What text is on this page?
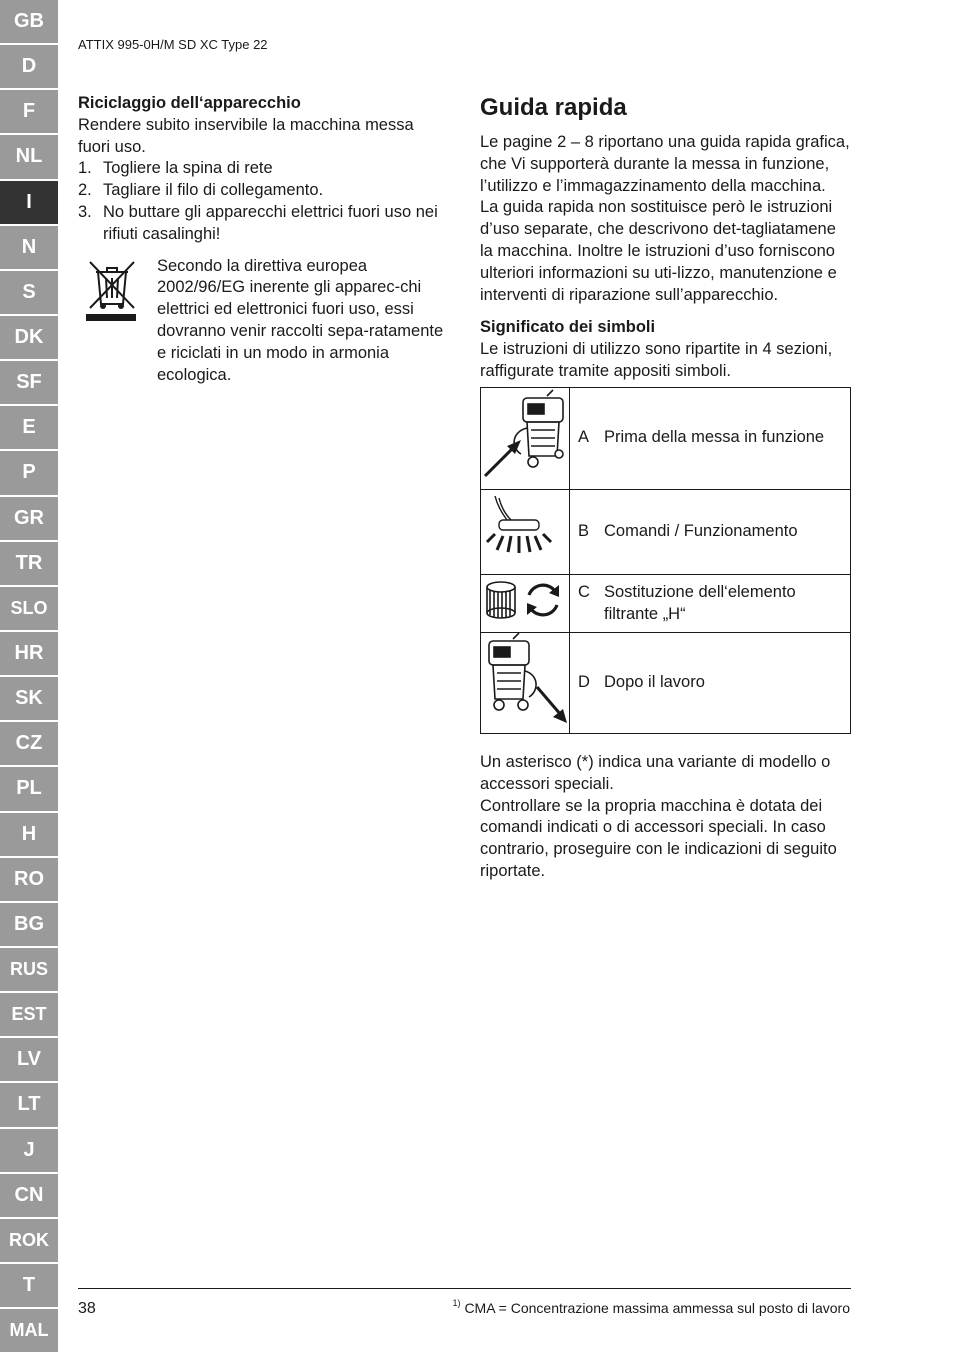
GB
D
F
NL
I
N
S
DK
SF
E
P
GR
TR
SLO
HR
SK
CZ
PL
H
RO
BG
RUS
EST
LV
LT
J
CN
ROK
T
MAL
ATTIX 995-0H/M SD XC Type 22

Riciclaggio dell‘apparecchio

Rendere subito inservibile la macchina messa fuori uso.

1. Togliere la spina di rete
2. Tagliare il filo di collegamento.
3. No buttare gli apparecchi elettrici fuori uso nei rifiuti casalinghi!

Secondo la direttiva europea 2002/96/EG inerente gli apparec-chi elettrici ed elettronici fuori uso, essi dovranno venir raccolti sepa-ratamente e riciclati in un modo in armonia ecologica.

Guida rapida

Le pagine 2 – 8 riportano una guida rapida grafica, che Vi supporterà durante la messa in funzione, l’utilizzo e l’immagazzinamento della macchina.

La guida rapida non sostituisce però le istruzioni d’uso separate, che descrivono det-tagliatamene la macchina. Inoltre le istruzioni d’uso forniscono ulteriori informazioni su uti-lizzo, manutenzione e interventi di riparazione sull’apparecchio.

Significato dei simboli

Le istruzioni di utilizzo sono ripartite in 4 sezioni, raffigurate tramite appositi simboli.

A Prima della messa in funzione

B Comandi / Funzionamento

C Sostituzione dell‘elemento filtrante „H“

D Dopo il lavoro

Un asterisco (*) indica una variante di modello o accessori speciali.

Controllare se la propria macchina è dotata dei comandi indicati o di accessori speciali. In caso contrario, proseguire con le indicazioni di seguito riportate.

38	$^{1)}$ CMA = Concentrazione massima ammessa sul posto di lavoro
